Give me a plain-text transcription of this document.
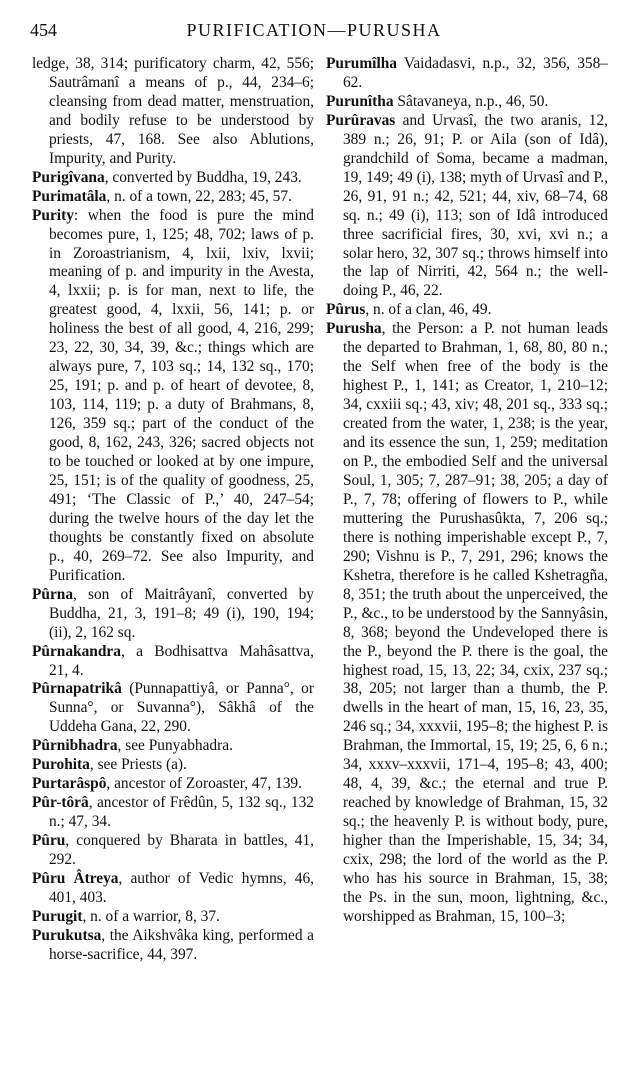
454	PURIFICATION—PURUSHA

ledge, 38, 314; purificatory charm, 42, 556; Sautrâmanî a means of p., 44, 234–6; cleansing from dead matter, menstruation, and bodily refuse to be understood by priests, 47, 168. See also Ablutions, Impurity, and Purity.

Purigîvana, converted by Buddha, 19, 243.

Purimatâla, n. of a town, 22, 283; 45, 57.

Purity: when the food is pure the mind becomes pure, 1, 125; 48, 702; laws of p. in Zoroastrianism, 4, lxii, lxiv, lxvii; meaning of p. and impurity in the Avesta, 4, lxxii; p. is for man, next to life, the greatest good, 4, lxxii, 56, 141; p. or holiness the best of all good, 4, 216, 299; 23, 22, 30, 34, 39, &c.; things which are always pure, 7, 103 sq.; 14, 132 sq., 170; 25, 191; p. and p. of heart of devotee, 8, 103, 114, 119; p. a duty of Brahmans, 8, 126, 359 sq.; part of the conduct of the good, 8, 162, 243, 326; sacred objects not to be touched or looked at by one impure, 25, 151; is of the quality of goodness, 25, 491; ‘The Classic of P.,’ 40, 247–54; during the twelve hours of the day let the thoughts be constantly fixed on absolute p., 40, 269–72. See also Impurity, and Purification.

Pûrna, son of Maitrâyanî, converted by Buddha, 21, 3, 191–8; 49 (i), 190, 194; (ii), 2, 162 sq.

Pûrnakandra, a Bodhisattva Mahâsattva, 21, 4.

Pûrnapatrikâ (Punnapattiyâ, or Panna°, or Sunna°, or Suvanna°), Sâkhâ of the Uddeha Gana, 22, 290.

Pûrnibhadra, see Punyabhadra.

Purohita, see Priests (a).

Purtarâspô, ancestor of Zoroaster, 47, 139.

Pûr-tôrâ, ancestor of Frêdûn, 5, 132 sq., 132 n.; 47, 34.

Pûru, conquered by Bharata in battles, 41, 292.

Pûru Âtreya, author of Vedic hymns, 46, 401, 403.

Purugit, n. of a warrior, 8, 37.

Purukutsa, the Aikshvâka king, performed a horse-sacrifice, 44, 397.

Purumîlha Vaidadasvi, n.p., 32, 356, 358–62.

Purunîtha Sâtavaneya, n.p., 46, 50.

Purûravas and Urvasî, the two aranis, 12, 389 n.; 26, 91; P. or Aila (son of Idâ), grandchild of Soma, became a madman, 19, 149; 49 (i), 138; myth of Urvasî and P., 26, 91, 91 n.; 42, 521; 44, xiv, 68–74, 68 sq. n.; 49 (i), 113; son of Idâ introduced three sacrificial fires, 30, xvi, xvi n.; a solar hero, 32, 307 sq.; throws himself into the lap of Nirriti, 42, 564 n.; the well-doing P., 46, 22.

Pûrus, n. of a clan, 46, 49.

Purusha, the Person: a P. not human leads the departed to Brahman, 1, 68, 80, 80 n.; the Self when free of the body is the highest P., 1, 141; as Creator, 1, 210–12; 34, cxxiii sq.; 43, xiv; 48, 201 sq., 333 sq.; created from the water, 1, 238; is the year, and its essence the sun, 1, 259; meditation on P., the embodied Self and the universal Soul, 1, 305; 7, 287–91; 38, 205; a day of P., 7, 78; offering of flowers to P., while muttering the Purushasûkta, 7, 206 sq.; there is nothing imperishable except P., 7, 290; Vishnu is P., 7, 291, 296; knows the Kshetra, therefore is he called Kshetragña, 8, 351; the truth about the unperceived, the P., &c., to be understood by the Sannyâsin, 8, 368; beyond the Undeveloped there is the P., beyond the P. there is the goal, the highest road, 15, 13, 22; 34, cxix, 237 sq.; 38, 205; not larger than a thumb, the P. dwells in the heart of man, 15, 16, 23, 35, 246 sq.; 34, xxxvii, 195–8; the highest P. is Brahman, the Immortal, 15, 19; 25, 6, 6 n.; 34, xxxv–xxxvii, 171–4, 195–8; 43, 400; 48, 4, 39, &c.; the eternal and true P. reached by knowledge of Brahman, 15, 32 sq.; the heavenly P. is without body, pure, higher than the Imperishable, 15, 34; 34, cxix, 298; the lord of the world as the P. who has his source in Brahman, 15, 38; the Ps. in the sun, moon, lightning, &c., worshipped as Brahman, 15, 100–3;
